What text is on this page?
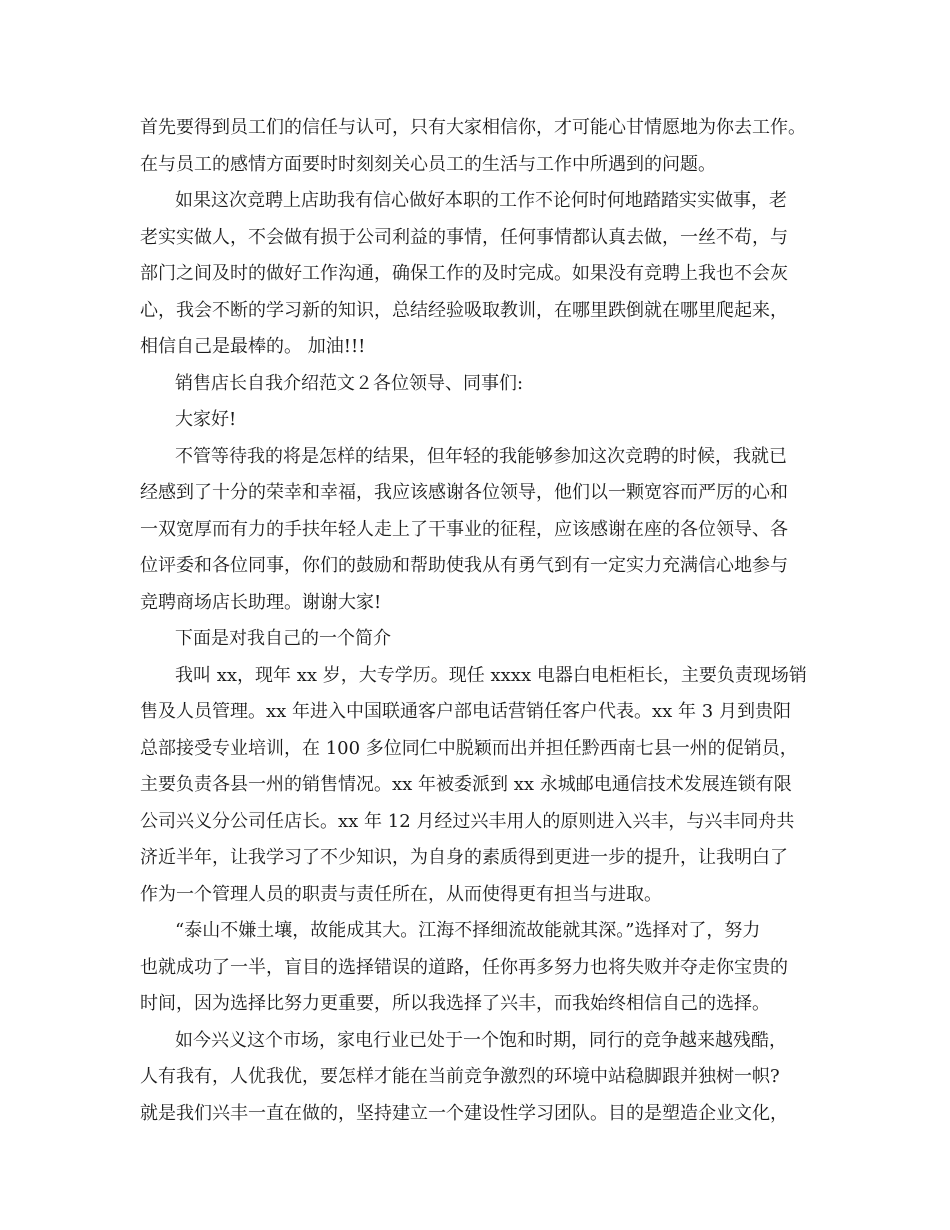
首先要得到员工们的信任与认可，只有大家相信你，才可能心甘情愿地为你去工作。
在与员工的感情方面要时时刻刻关心员工的生活与工作中所遇到的问题。
如果这次竞聘上店助我有信心做好本职的工作不论何时何地踏踏实实做事，老
老实实做人，不会做有损于公司利益的事情，任何事情都认真去做，一丝不苟，与
部门之间及时的做好工作沟通，确保工作的及时完成。如果没有竞聘上我也不会灰
心，我会不断的学习新的知识，总结经验吸取教训，在哪里跌倒就在哪里爬起来，
相信自己是最棒的。 加油!!!
销售店长自我介绍范文２各位领导、同事们:
大家好!
不管等待我的将是怎样的结果，但年轻的我能够参加这次竞聘的时候，我就已
经感到了十分的荣幸和幸福，我应该感谢各位领导，他们以一颗宽容而严厉的心和
一双宽厚而有力的手扶年轻人走上了干事业的征程，应该感谢在座的各位领导、各
位评委和各位同事，你们的鼓励和帮助使我从有勇气到有一定实力充满信心地参与
竞聘商场店长助理。谢谢大家!
下面是对我自己的一个简介
我叫 xx，现年 xx 岁，大专学历。现任 xxxx 电器白电柜柜长，主要负责现场销
售及人员管理。xx 年进入中国联通客户部电话营销任客户代表。xx 年 3 月到贵阳
总部接受专业培训，在 100 多位同仁中脱颖而出并担任黔西南七县一州的促销员，
主要负责各县一州的销售情况。xx 年被委派到 xx 永城邮电通信技术发展连锁有限
公司兴义分公司任店长。xx 年 12 月经过兴丰用人的原则进入兴丰，与兴丰同舟共
济近半年，让我学习了不少知识，为自身的素质得到更进一步的提升，让我明白了
作为一个管理人员的职责与责任所在，从而使得更有担当与进取。
“泰山不嫌土壤，故能成其大。江海不择细流故能就其深。”选择对了，努力
也就成功了一半，盲目的选择错误的道路，任你再多努力也将失败并夺走你宝贵的
时间，因为选择比努力更重要，所以我选择了兴丰，而我始终相信自己的选择。
如今兴义这个市场，家电行业已处于一个饱和时期，同行的竞争越来越残酷，
人有我有，人优我优，要怎样才能在当前竞争激烈的环境中站稳脚跟并独树一帜?
就是我们兴丰一直在做的，坚持建立一个建设性学习团队。目的是塑造企业文化，
